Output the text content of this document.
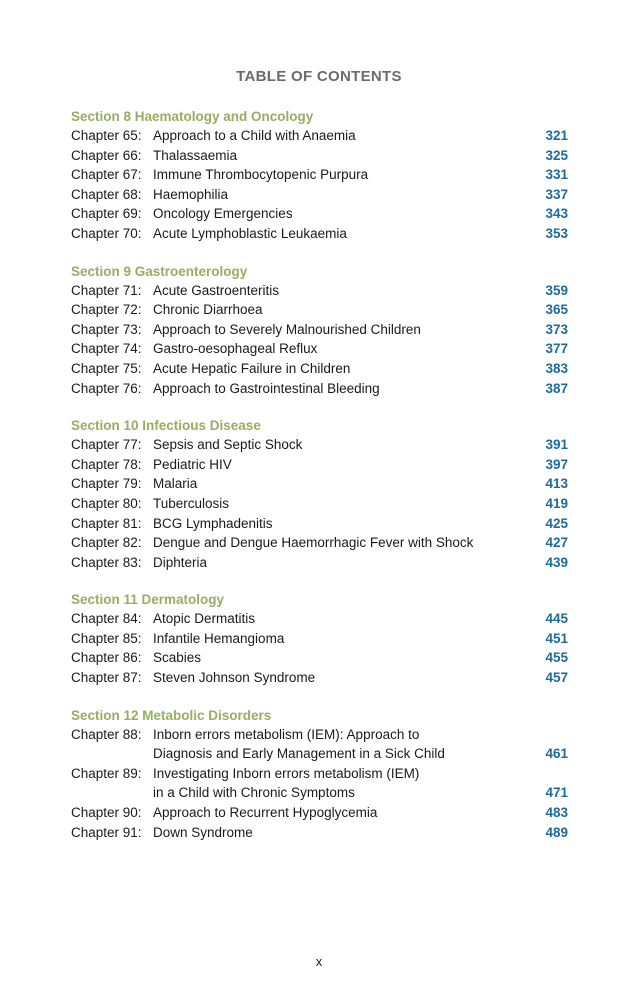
TABLE OF CONTENTS
Section 8 Haematology and Oncology
Chapter 65: Approach to a Child with Anaemia	321
Chapter 66: Thalassaemia	325
Chapter 67: Immune Thrombocytopenic Purpura	331
Chapter 68: Haemophilia	337
Chapter 69: Oncology Emergencies	343
Chapter 70: Acute Lymphoblastic Leukaemia	353
Section 9 Gastroenterology
Chapter 71: Acute Gastroenteritis	359
Chapter 72: Chronic Diarrhoea	365
Chapter 73: Approach to Severely Malnourished Children	373
Chapter 74: Gastro-oesophageal Reflux	377
Chapter 75: Acute Hepatic Failure in Children	383
Chapter 76: Approach to Gastrointestinal Bleeding	387
Section 10 Infectious Disease
Chapter 77: Sepsis and Septic Shock	391
Chapter 78: Pediatric HIV	397
Chapter 79: Malaria	413
Chapter 80: Tuberculosis	419
Chapter 81: BCG Lymphadenitis	425
Chapter 82: Dengue and Dengue Haemorrhagic Fever with Shock	427
Chapter 83: Diphteria	439
Section 11 Dermatology
Chapter 84: Atopic Dermatitis	445
Chapter 85: Infantile Hemangioma	451
Chapter 86: Scabies	455
Chapter 87: Steven Johnson Syndrome	457
Section 12 Metabolic Disorders
Chapter 88: Inborn errors metabolism (IEM): Approach to
Diagnosis and Early Management in a Sick Child	461
Chapter 89: Investigating Inborn errors metabolism (IEM)
in a Child with Chronic Symptoms	471
Chapter 90: Approach to Recurrent Hypoglycemia	483
Chapter 91: Down Syndrome	489
x
